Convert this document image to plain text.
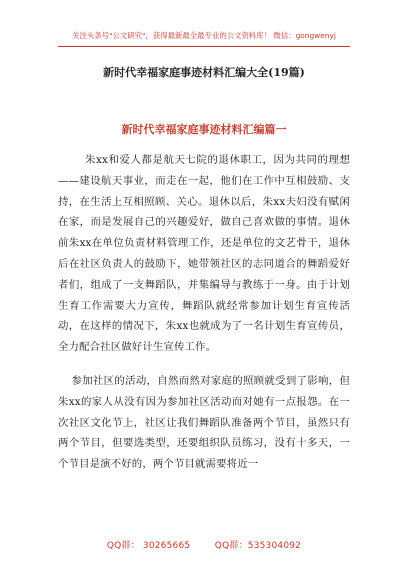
关注头条号"公文研究"，获得最新最全最专业的公文资料库！ 微信：gongwenyj
新时代幸福家庭事迹材料汇编大全(19篇)
新时代幸福家庭事迹材料汇编篇一

朱xx和爱人都是航天七院的退休职工，因为共同的理想——建设航天事业，而走在一起，他们在工作中互相鼓励、支持，在生活上互相照顾、关心。退休以后，朱xx夫妇没有赋闲在家，而是发展自己的兴趣爱好，做自己喜欢做的事情。退休前朱xx在单位负责材料管理工作，还是单位的文艺骨干，退休后在社区负责人的鼓励下，她带领社区的志同道合的舞蹈爱好者们，组成了一支舞蹈队，并集编导与教练于一身。由于计划生育工作需要大力宣传，舞蹈队就经常参加计划生育宣传活动，在这样的情况下，朱xx也就成为了一名计划生育宣传员，全力配合社区做好计生宣传工作。

参加社区的活动，自然而然对家庭的照顾就受到了影响，但朱xx的家人从没有因为参加社区活动而对她有一点报怨。在一次社区文化节上，社区让我们舞蹈队准备两个节目，虽然只有两个节目，但要选类型，还要组织队员练习，没有十多天，一个节目是演不好的，两个节目就需要将近一

QQ群： 30265665        QQ群：535304092
